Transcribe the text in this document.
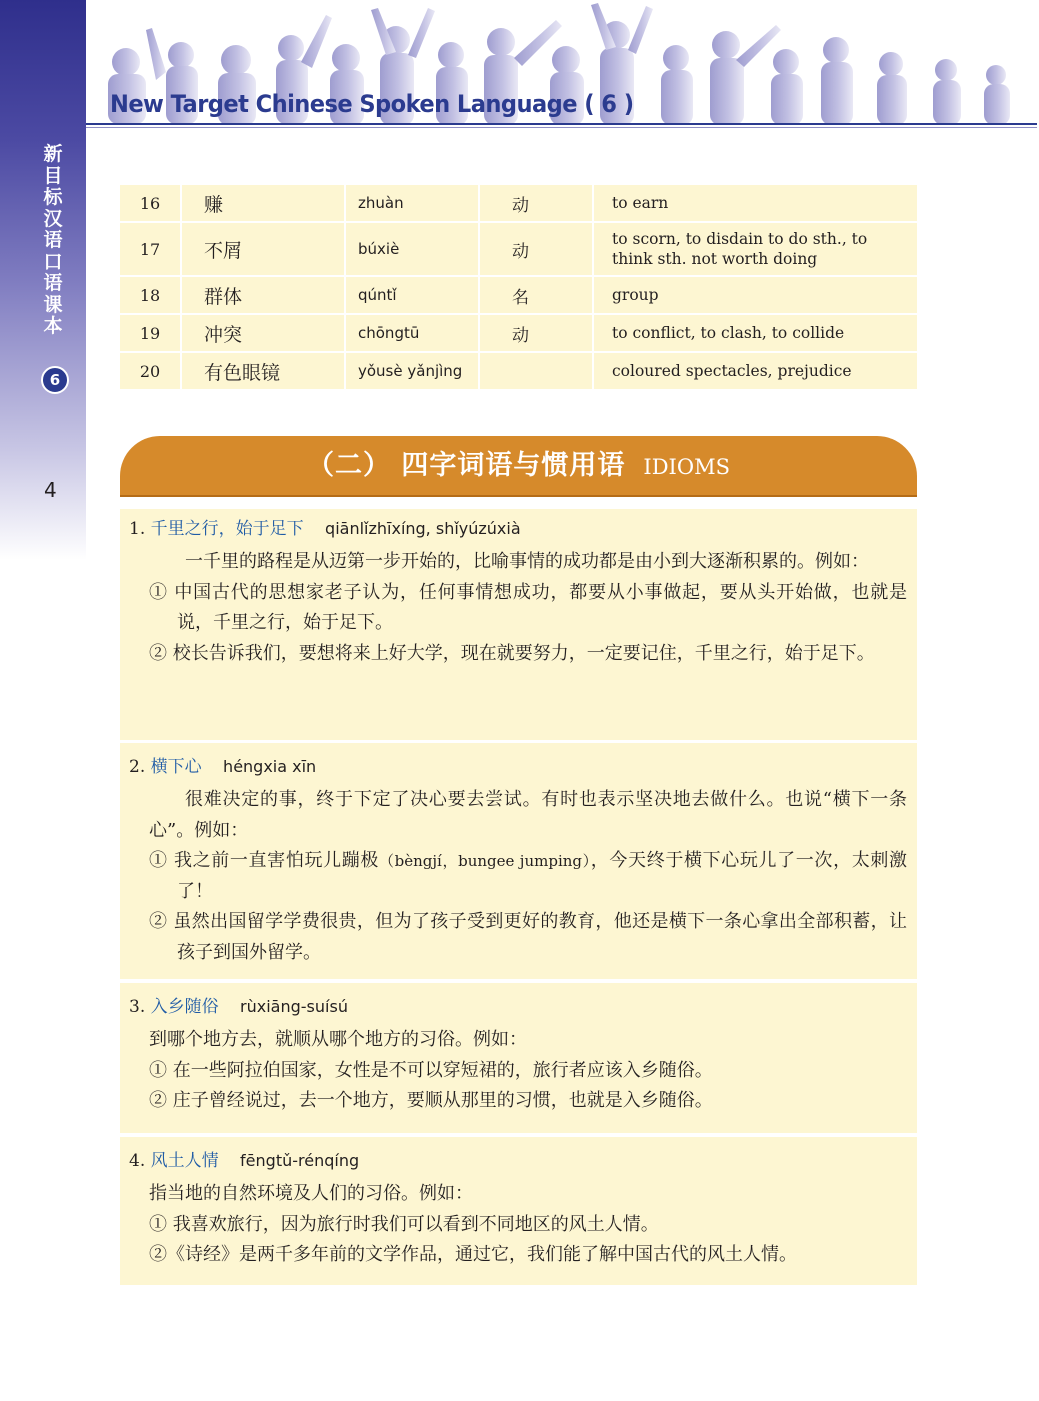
新
目
标
汉
语
口
语
课
本
6
4
New Target Chinese Spoken Language ( 6 )
16	赚	zhuàn	动	to earn
17	不屑	búxiè	动	to scorn, to disdain to do sth., to think sth. not worth doing
18	群体	qúntǐ	名	group
19	冲突	chōngtū	动	to conflict, to clash, to collide
20	有色眼镜	yǒusè yǎnjìng		coloured spectacles, prejudice
（二） 四字词语与惯用语 IDIOMS
1. 千里之行，始于足下 qiānlǐzhīxíng, shǐyúzúxià
一千里的路程是从迈第一步开始的，比喻事情的成功都是由小到大逐渐积累的。例如：
① 中国古代的思想家老子认为，任何事情想成功，都要从小事做起，要从头开始做，也就是说，千里之行，始于足下。
② 校长告诉我们，要想将来上好大学，现在就要努力，一定要记住，千里之行，始于足下。
2. 横下心 héngxia xīn
很难决定的事，终于下定了决心要去尝试。有时也表示坚决地去做什么。也说“横下一条心”。例如：
① 我之前一直害怕玩儿蹦极（bèngjí，bungee jumping），今天终于横下心玩儿了一次，太刺激了！
② 虽然出国留学学费很贵，但为了孩子受到更好的教育，他还是横下一条心拿出全部积蓄，让孩子到国外留学。
3. 入乡随俗 rùxiāng-suísú
到哪个地方去，就顺从哪个地方的习俗。例如：
① 在一些阿拉伯国家，女性是不可以穿短裙的，旅行者应该入乡随俗。
② 庄子曾经说过，去一个地方，要顺从那里的习惯，也就是入乡随俗。
4. 风土人情 fēngtǔ-rénqíng
指当地的自然环境及人们的习俗。例如：
① 我喜欢旅行，因为旅行时我们可以看到不同地区的风土人情。
②《诗经》是两千多年前的文学作品，通过它，我们能了解中国古代的风土人情。
